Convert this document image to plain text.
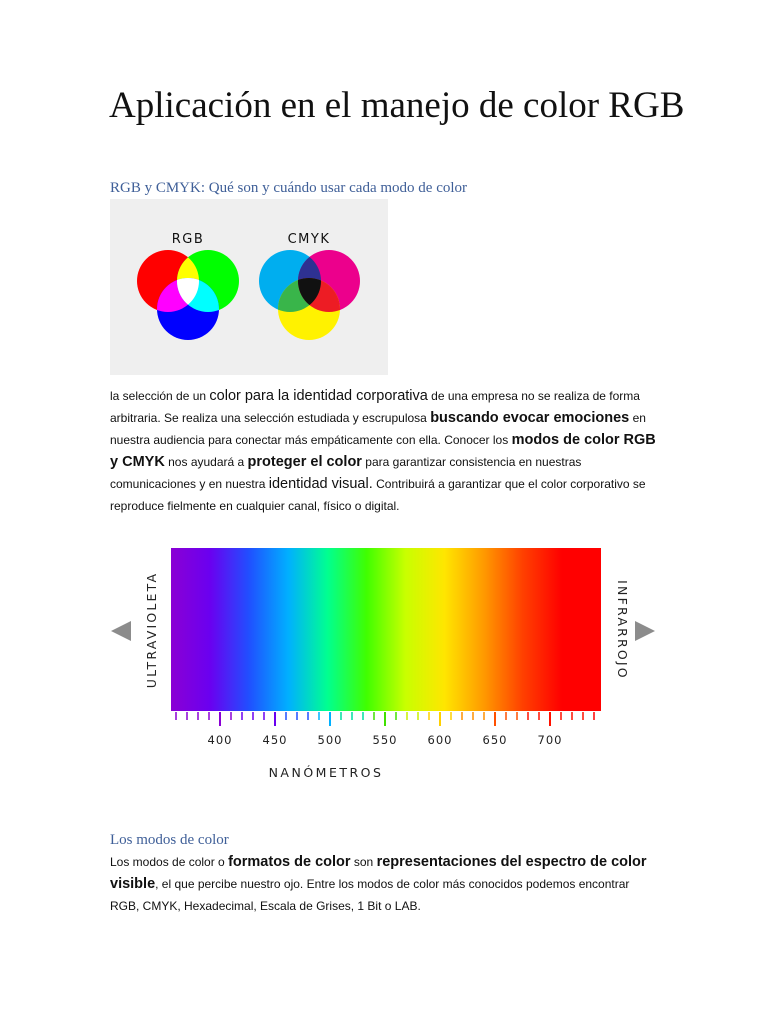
Aplicación en el manejo de color RGB
RGB y CMYK: Qué son y cuándo usar cada modo de color
RGB	CMYK
la selección de un color para la identidad corporativa de una empresa no se realiza de forma arbitraria. Se realiza una selección estudiada y escrupulosa buscando evocar emociones en nuestra audiencia para conectar más empáticamente con ella. Conocer los modos de color RGB y CMYK nos ayudará a proteger el color para garantizar consistencia en nuestras comunicaciones y en nuestra identidad visual. Contribuirá a garantizar que el color corporativo se reproduce fielmente en cualquier canal, físico o digital.
ULTRAVIOLETA	INFRARROJO
400	450	500	550	600	650	700
NANÓMETROS
Los modos de color
Los modos de color o formatos de color son representaciones del espectro de color visible, el que percibe nuestro ojo. Entre los modos de color más conocidos podemos encontrar RGB, CMYK, Hexadecimal, Escala de Grises, 1 Bit o LAB.
